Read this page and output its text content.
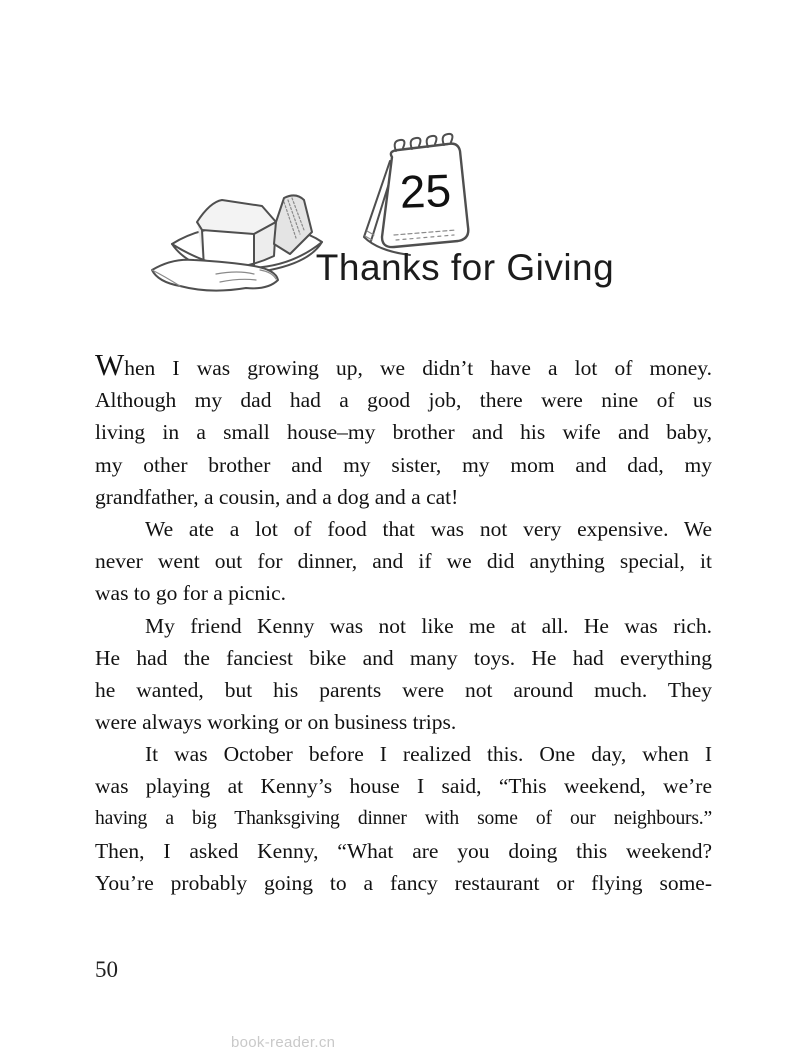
25
Thanks for Giving
When I was growing up, we didn’t have a lot of money.
Although my dad had a good job, there were nine of us
living in a small house–my brother and his wife and baby,
my other brother and my sister, my mom and dad, my
grandfather, a cousin, and a dog and a cat!
We ate a lot of food that was not very expensive. We
never went out for dinner, and if we did anything special, it
was to go for a picnic.
My friend Kenny was not like me at all. He was rich.
He had the fanciest bike and many toys. He had everything
he wanted, but his parents were not around much. They
were always working or on business trips.
It was October before I realized this. One day, when I
was playing at Kenny’s house I said, “This weekend, we’re
having a big Thanksgiving dinner with some of our neighbours.”
Then, I asked Kenny, “What are you doing this weekend?
You’re probably going to a fancy restaurant or flying some-
50
book-reader.cn
